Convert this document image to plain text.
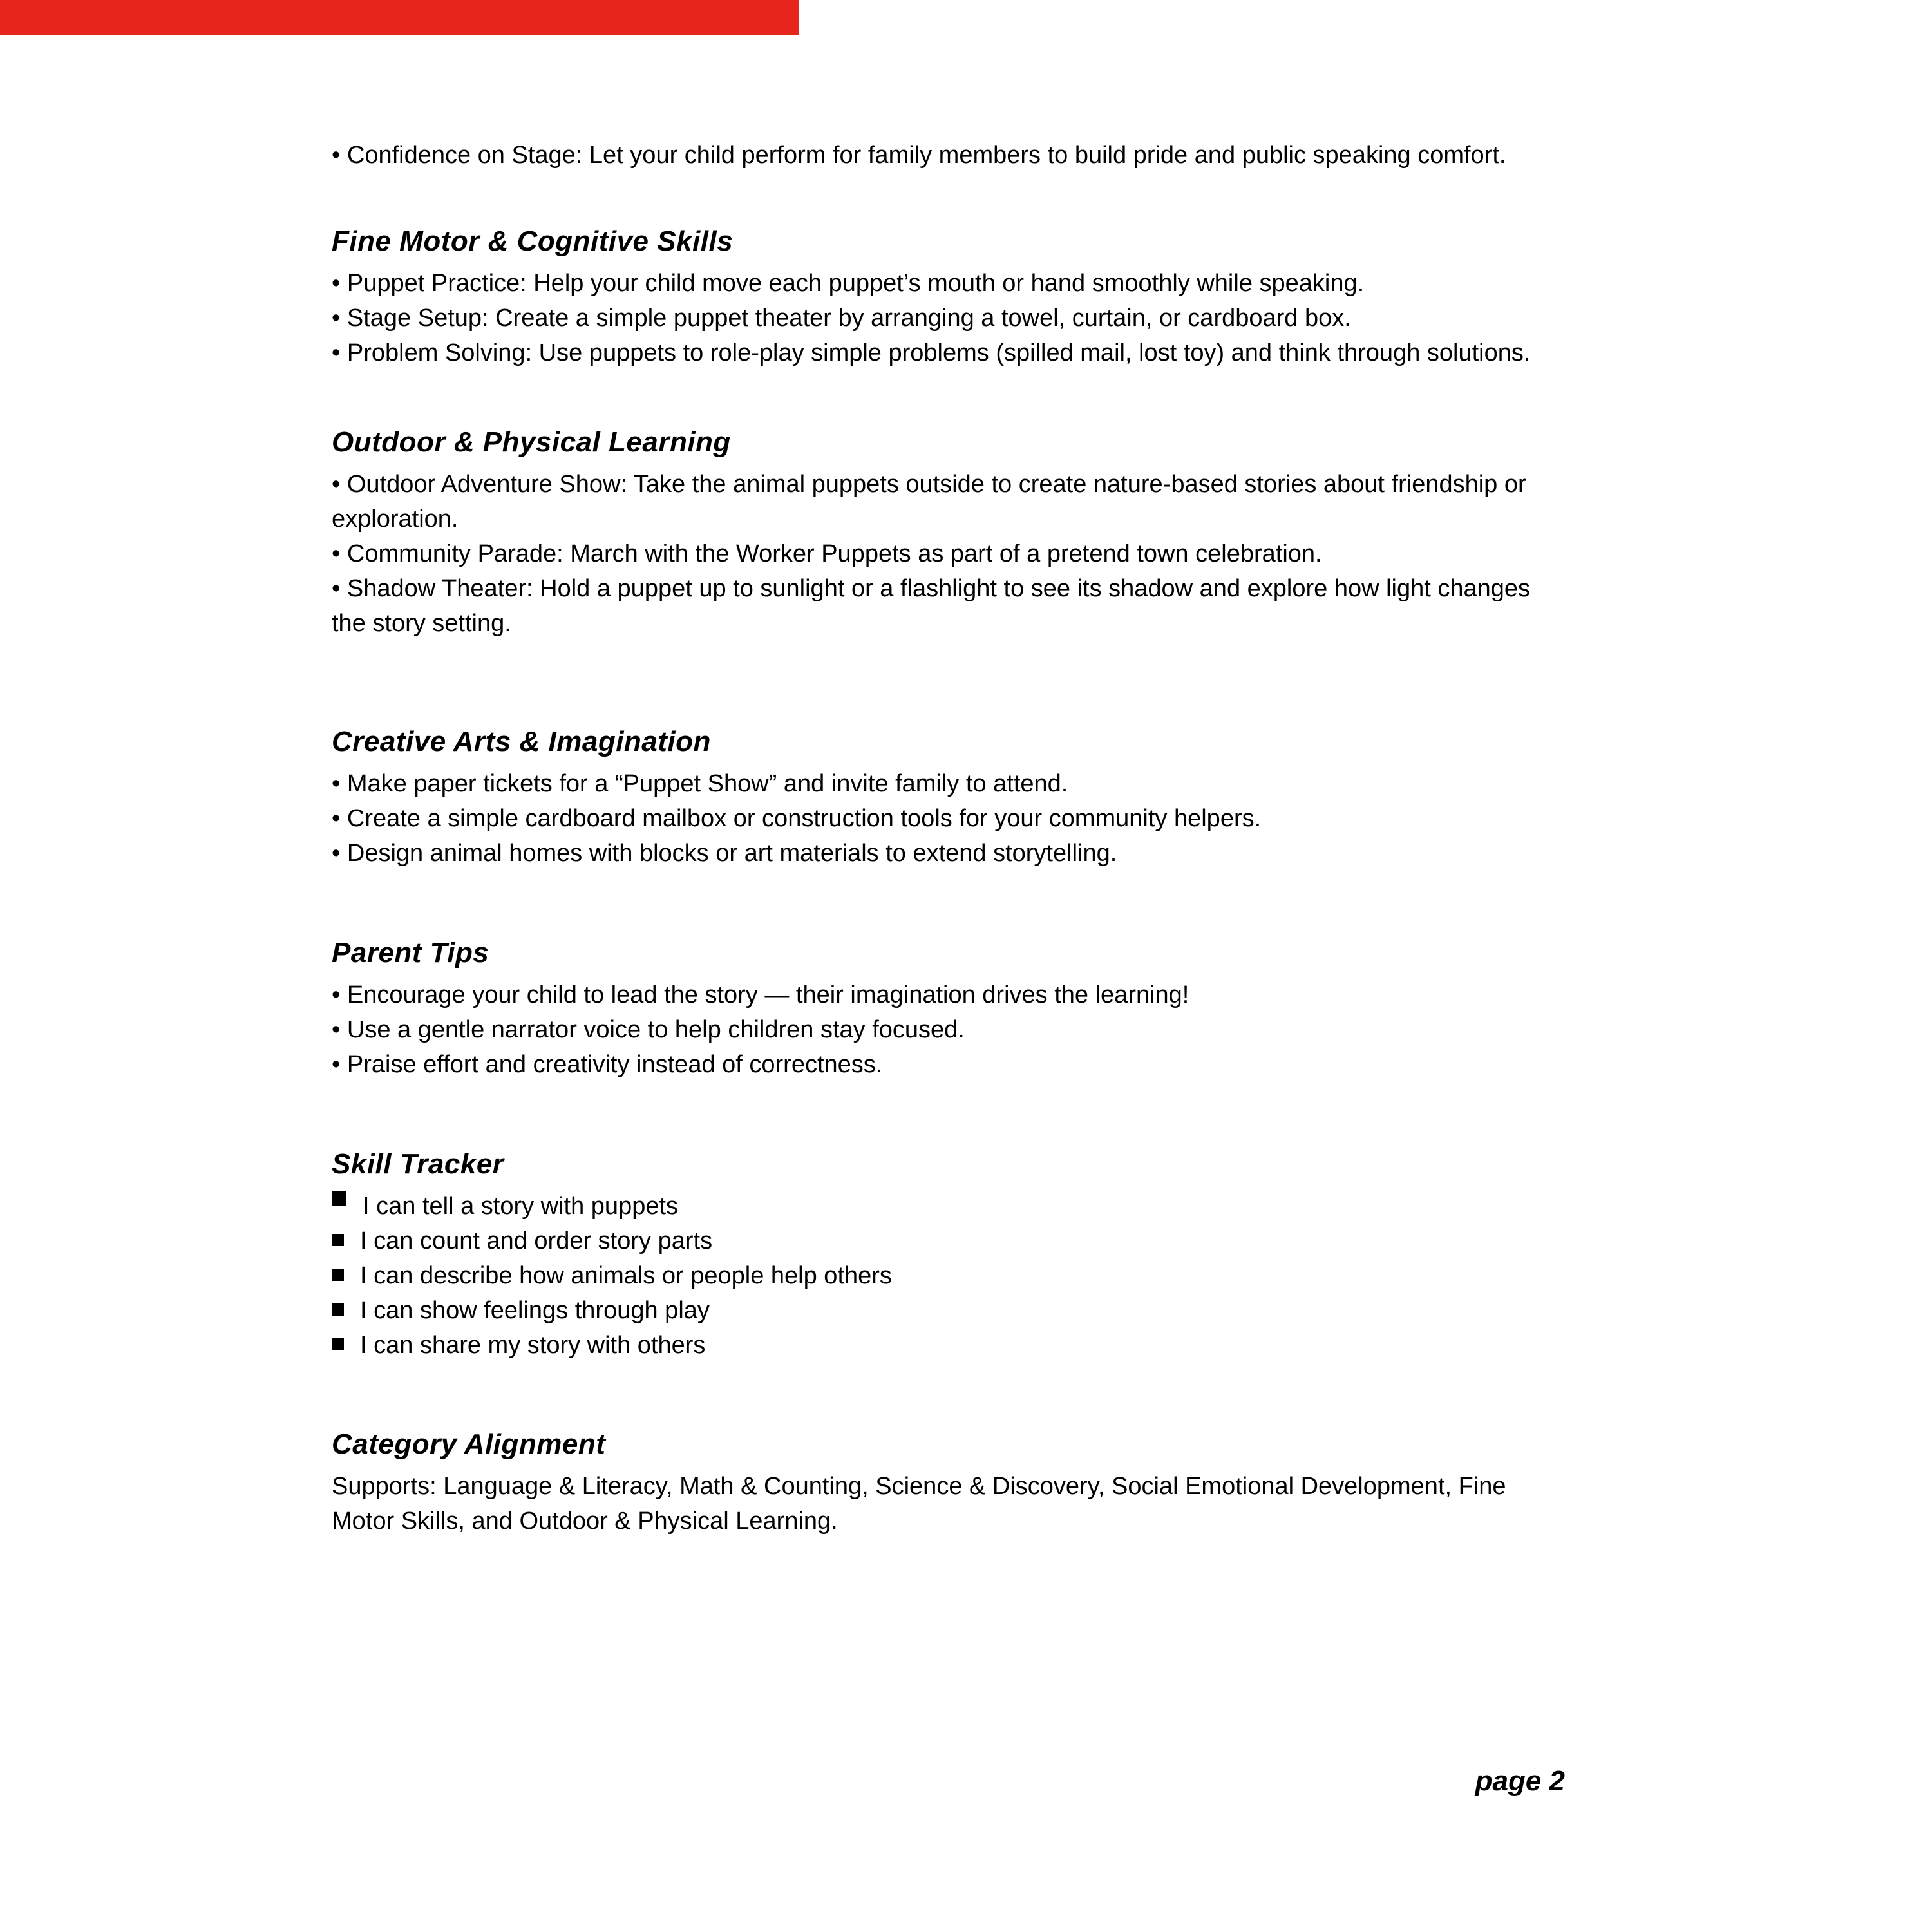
• Confidence on Stage: Let your child perform for family members to build pride and public speaking comfort.

Fine Motor & Cognitive Skills

• Puppet Practice: Help your child move each puppet’s mouth or hand smoothly while speaking.

• Stage Setup: Create a simple puppet theater by arranging a towel, curtain, or cardboard box.

• Problem Solving: Use puppets to role-play simple problems (spilled mail, lost toy) and think through solutions.

Outdoor & Physical Learning

• Outdoor Adventure Show: Take the animal puppets outside to create nature-based stories about friendship or exploration.

• Community Parade: March with the Worker Puppets as part of a pretend town celebration.

• Shadow Theater: Hold a puppet up to sunlight or a flashlight to see its shadow and explore how light changes the story setting.

Creative Arts & Imagination

• Make paper tickets for a “Puppet Show” and invite family to attend.

• Create a simple cardboard mailbox or construction tools for your community helpers.

• Design animal homes with blocks or art materials to extend storytelling.

Parent Tips

• Encourage your child to lead the story — their imagination drives the learning!

• Use a gentle narrator voice to help children stay focused.

• Praise effort and creativity instead of correctness.

Skill Tracker

I can tell a story with puppets

I can count and order story parts

I can describe how animals or people help others

I can show feelings through play

I can share my story with others

Category Alignment

Supports: Language & Literacy, Math & Counting, Science & Discovery, Social Emotional Development, Fine Motor Skills, and Outdoor & Physical Learning.

page 2
